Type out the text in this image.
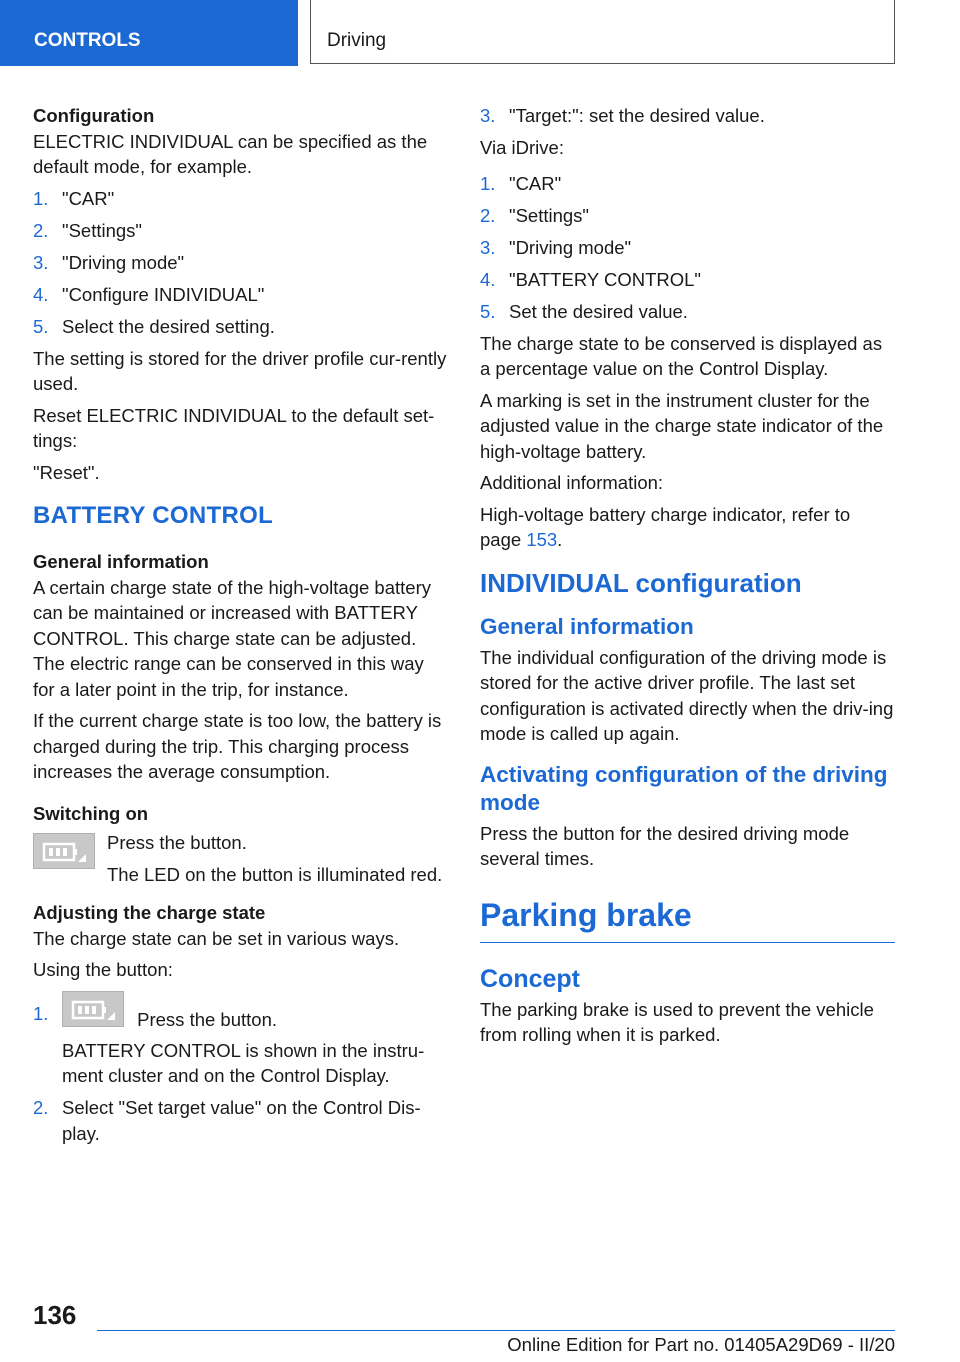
CONTROLS	Driving

Configuration

ELECTRIC INDIVIDUAL can be specified as the default mode, for example.

1. "CAR"
2. "Settings"
3. "Driving mode"
4. "Configure INDIVIDUAL"
5. Select the desired setting.

The setting is stored for the driver profile cur‐rently used.

Reset ELECTRIC INDIVIDUAL to the default set‐tings:

"Reset".

BATTERY CONTROL

General information

A certain charge state of the high-voltage battery can be maintained or increased with BATTERY CONTROL. This charge state can be adjusted. The electric range can be conserved in this way for a later point in the trip, for instance.

If the current charge state is too low, the battery is charged during the trip. This charging process increases the average consumption.

Switching on

Press the button.

The LED on the button is illuminated red.

Adjusting the charge state

The charge state can be set in various ways.

Using the button:

1.	Press the button.
BATTERY CONTROL is shown in the instru‐ment cluster and on the Control Display.
2. Select "Set target value" on the Control Dis‐play.
3. "Target:": set the desired value.

Via iDrive:

1. "CAR"
2. "Settings"
3. "Driving mode"
4. "BATTERY CONTROL"
5. Set the desired value.

The charge state to be conserved is displayed as a percentage value on the Control Display.

A marking is set in the instrument cluster for the adjusted value in the charge state indicator of the high-voltage battery.

Additional information:

High-voltage battery charge indicator, refer to page 153.

INDIVIDUAL configuration
General information

The individual configuration of the driving mode is stored for the active driver profile. The last set configuration is activated directly when the driv‐ing mode is called up again.

Activating configuration of the driving mode

Press the button for the desired driving mode several times.

Parking brake
Concept

The parking brake is used to prevent the vehicle from rolling when it is parked.

136
Online Edition for Part no. 01405A29D69 - II/20
